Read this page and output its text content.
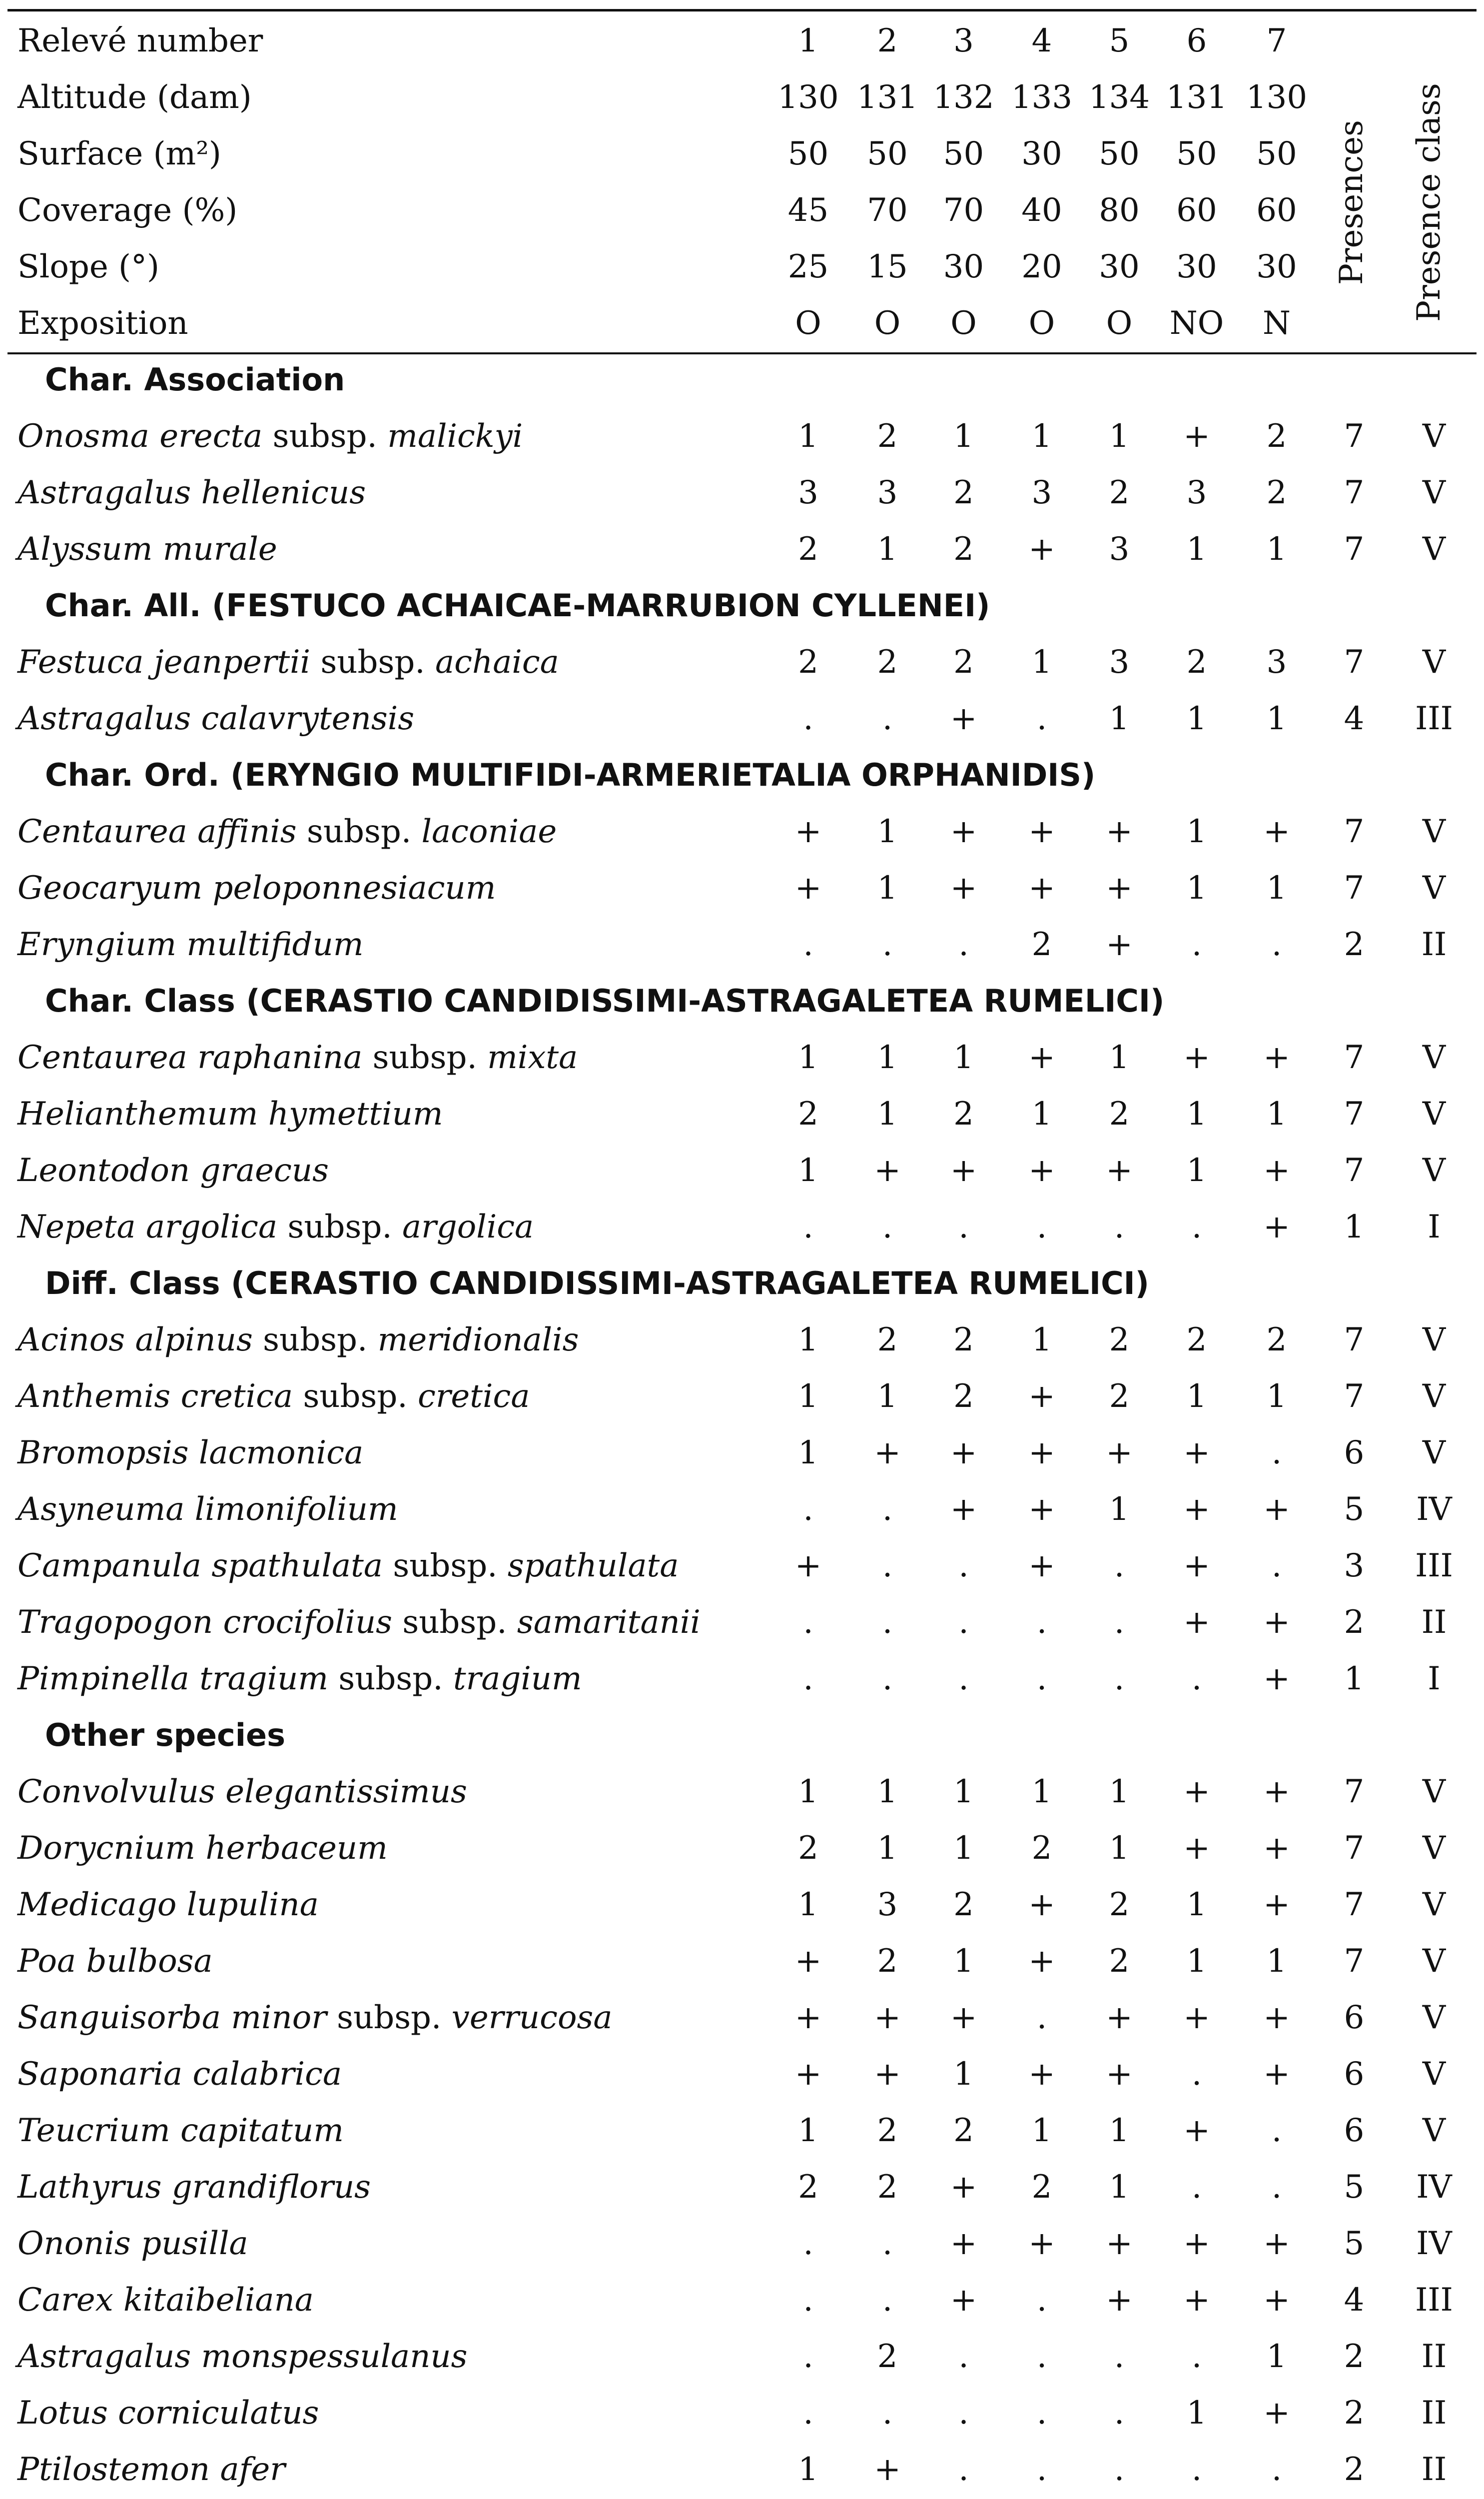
Relevé number	1	2	3	4	5	6	7		
Altitude (dam)	130	131	132	133	134	131	130		
Surface (m²)	50	50	50	30	50	50	50		
Coverage (%)	45	70	70	40	80	60	60		
Slope (°)	25	15	30	20	30	30	30		
Exposition	O	O	O	O	O	NO	N		
Char. Association									
Onosma erecta subsp. malickyi	1	2	1	1	1	+	2	7	V
Astragalus hellenicus	3	3	2	3	2	3	2	7	V
Alyssum murale	2	1	2	+	3	1	1	7	V
Char. All. (FESTUCO ACHAICAE-MARRUBION CYLLENEI)									
Festuca jeanpertii subsp. achaica	2	2	2	1	3	2	3	7	V
Astragalus calavrytensis	.	.	+	.	1	1	1	4	III
Char. Ord. (ERYNGIO MULTIFIDI-ARMERIETALIA ORPHANIDIS)									
Centaurea affinis subsp. laconiae	+	1	+	+	+	1	+	7	V
Geocaryum peloponnesiacum	+	1	+	+	+	1	1	7	V
Eryngium multifidum	.	.	.	2	+	.	.	2	II
Char. Class (CERASTIO CANDIDISSIMI-ASTRAGALETEA RUMELICI)									
Centaurea raphanina subsp. mixta	1	1	1	+	1	+	+	7	V
Helianthemum hymettium	2	1	2	1	2	1	1	7	V
Leontodon graecus	1	+	+	+	+	1	+	7	V
Nepeta argolica subsp. argolica	.	.	.	.	.	.	+	1	I
Diff. Class (CERASTIO CANDIDISSIMI-ASTRAGALETEA RUMELICI)									
Acinos alpinus subsp. meridionalis	1	2	2	1	2	2	2	7	V
Anthemis cretica subsp. cretica	1	1	2	+	2	1	1	7	V
Bromopsis lacmonica	1	+	+	+	+	+	.	6	V
Asyneuma limonifolium	.	.	+	+	1	+	+	5	IV
Campanula spathulata subsp. spathulata	+	.	.	+	.	+	.	3	III
Tragopogon crocifolius subsp. samaritanii	.	.	.	.	.	+	+	2	II
Pimpinella tragium subsp. tragium	.	.	.	.	.	.	+	1	I
Other species									
Convolvulus elegantissimus	1	1	1	1	1	+	+	7	V
Dorycnium herbaceum	2	1	1	2	1	+	+	7	V
Medicago lupulina	1	3	2	+	2	1	+	7	V
Poa bulbosa	+	2	1	+	2	1	1	7	V
Sanguisorba minor subsp. verrucosa	+	+	+	.	+	+	+	6	V
Saponaria calabrica	+	+	1	+	+	.	+	6	V
Teucrium capitatum	1	2	2	1	1	+	.	6	V
Lathyrus grandiflorus	2	2	+	2	1	.	.	5	IV
Ononis pusilla	.	.	+	+	+	+	+	5	IV
Carex kitaibeliana	.	.	+	.	+	+	+	4	III
Astragalus monspessulanus	.	2	.	.	.	.	1	2	II
Lotus corniculatus	.	.	.	.	.	1	+	2	II
Ptilostemon afer	1	+	.	.	.	.	.	2	II

Presences Presence class
